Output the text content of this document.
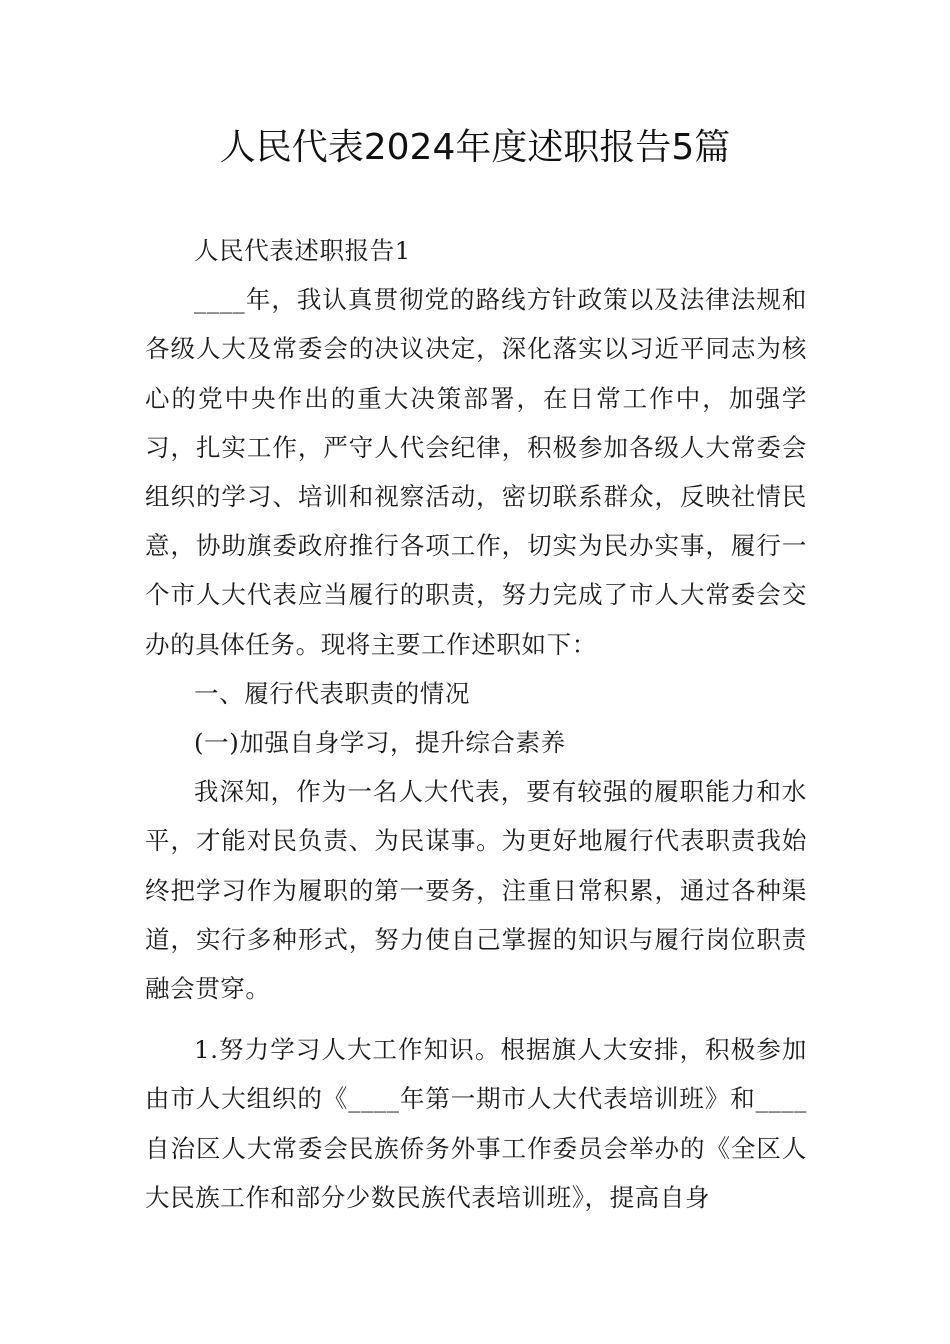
人民代表2024年度述职报告5篇

人民代表述职报告1

____年，我认真贯彻党的路线方针政策以及法律法规和各级人大及常委会的决议决定，深化落实以习近平同志为核心的党中央作出的重大决策部署，在日常工作中，加强学习，扎实工作，严守人代会纪律，积极参加各级人大常委会组织的学习、培训和视察活动，密切联系群众，反映社情民意，协助旗委政府推行各项工作，切实为民办实事，履行一个市人大代表应当履行的职责，努力完成了市人大常委会交办的具体任务。现将主要工作述职如下：

一、履行代表职责的情况

(一)加强自身学习，提升综合素养

我深知，作为一名人大代表，要有较强的履职能力和水平，才能对民负责、为民谋事。为更好地履行代表职责我始终把学习作为履职的第一要务，注重日常积累，通过各种渠道，实行多种形式，努力使自己掌握的知识与履行岗位职责融会贯穿。

1.努力学习人大工作知识。根据旗人大安排，积极参加由市人大组织的《____年第一期市人大代表培训班》和____自治区人大常委会民族侨务外事工作委员会举办的《全区人大民族工作和部分少数民族代表培训班》，提高自身
